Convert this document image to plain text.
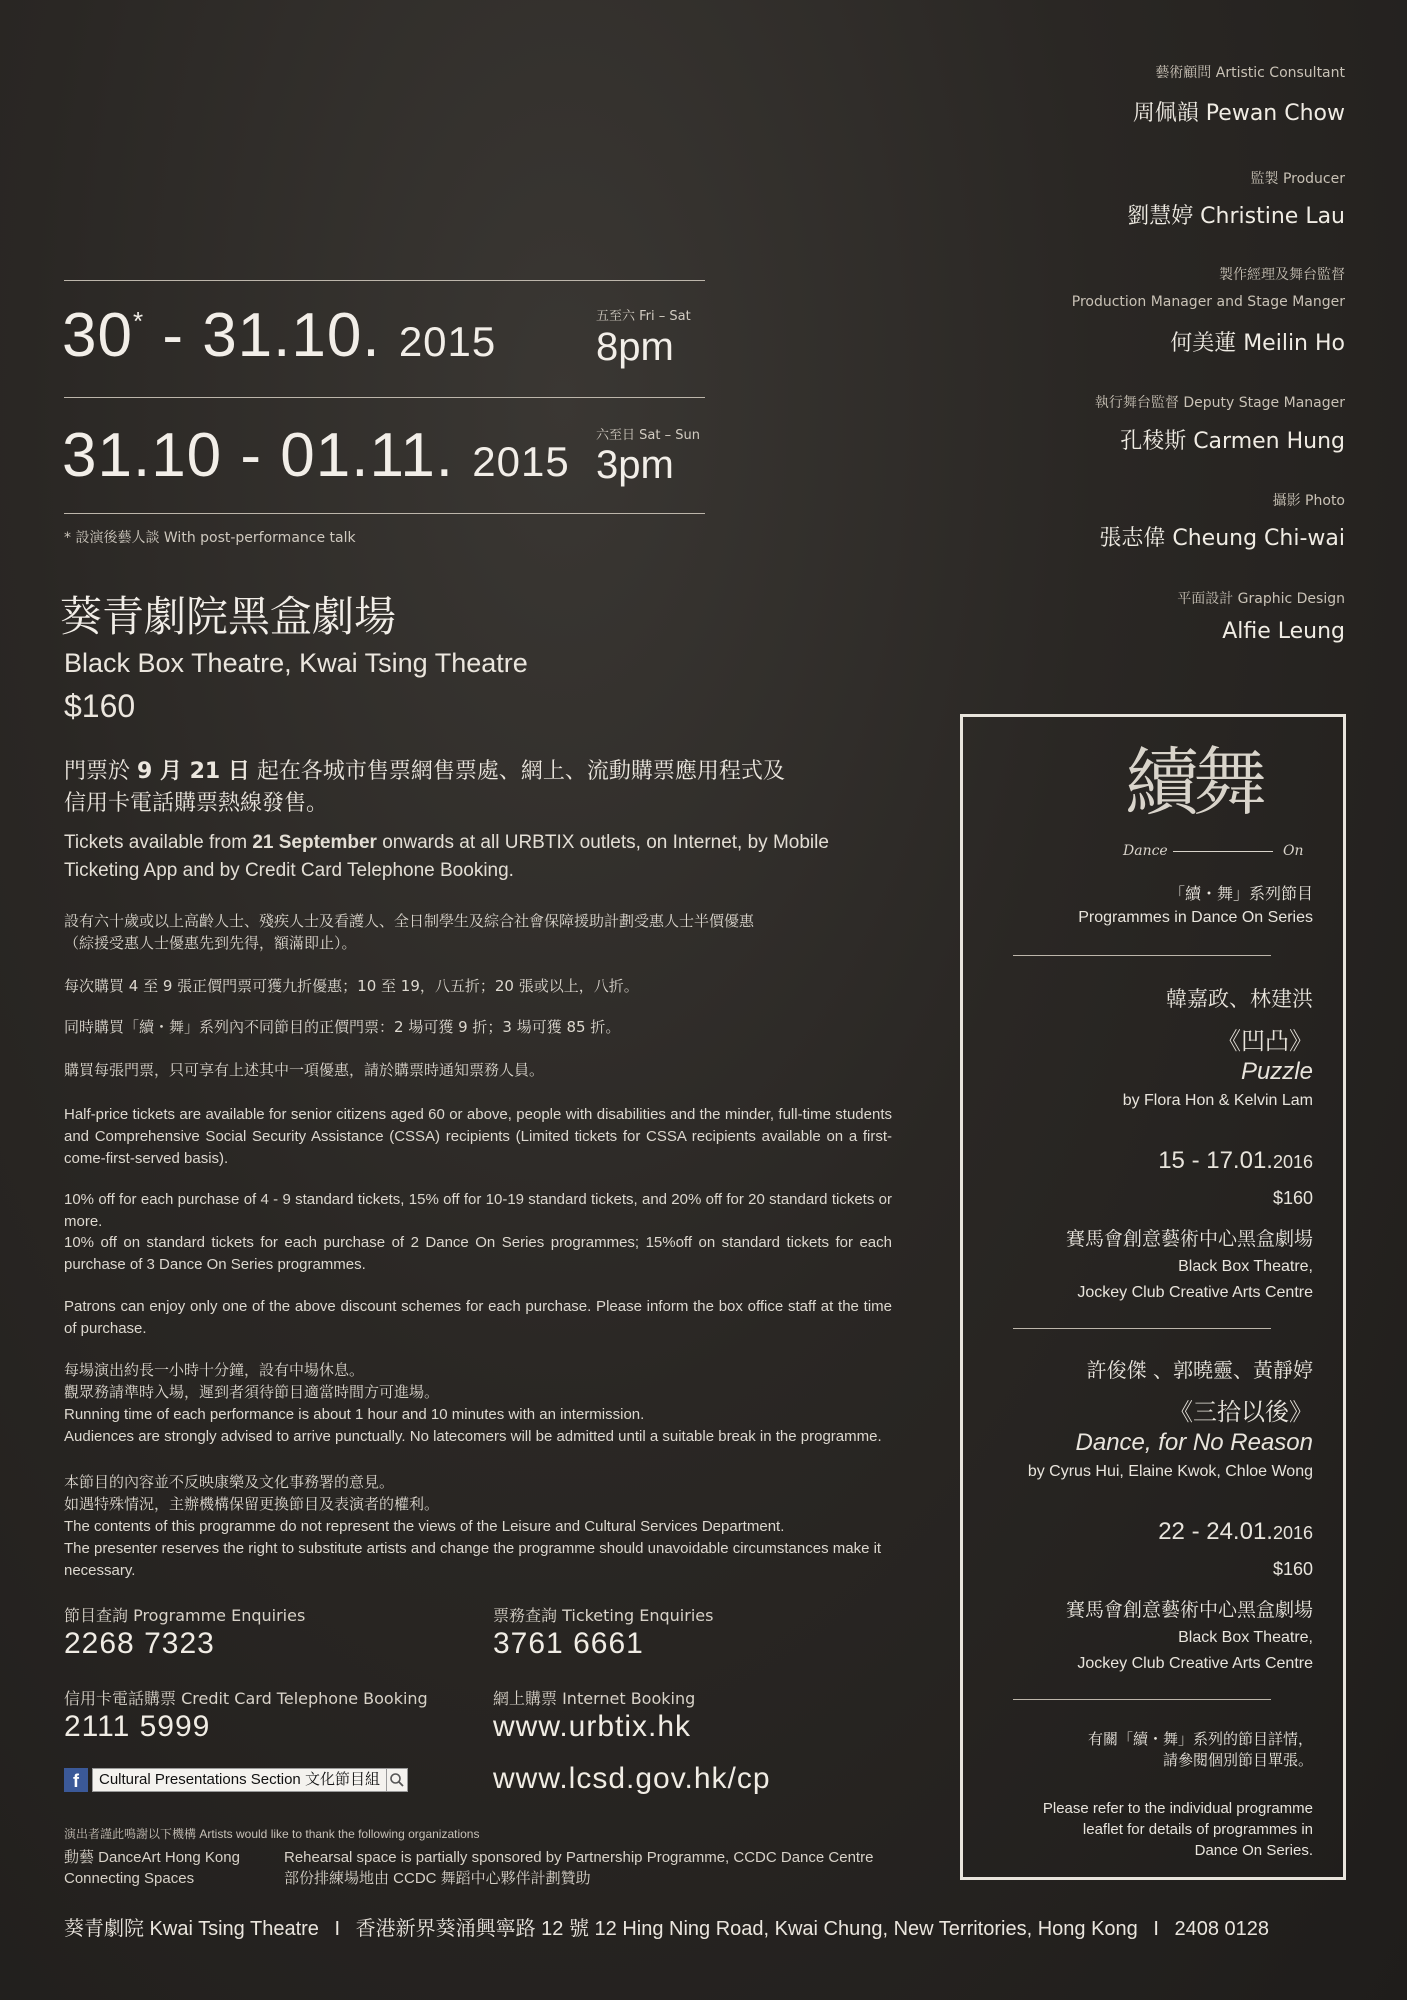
藝術顧問 Artistic Consultant
周佩韻 Pewan Chow
監製 Producer
劉慧婷 Christine Lau
製作經理及舞台監督
Production Manager and Stage Manger
何美蓮 Meilin Ho
執行舞台監督 Deputy Stage Manager
孔稜斯 Carmen Hung
攝影 Photo
張志偉 Cheung Chi-wai
平面設計 Graphic Design
Alfie Leung
30* - 31.10. 2015
五至六 Fri – Sat
8pm
31.10 - 01.11. 2015
六至日 Sat – Sun
3pm
* 設演後藝人談 With post-performance talk
葵青劇院黑盒劇場
Black Box Theatre, Kwai Tsing Theatre
$160
門票於 9 月 21 日 起在各城市售票網售票處、網上、流動購票應用程式及
信用卡電話購票熱線發售。
Tickets available from 21 September onwards at all URBTIX outlets, on Internet, by Mobile
Ticketing App and by Credit Card Telephone Booking.
設有六十歲或以上高齡人士、殘疾人士及看護人、全日制學生及綜合社會保障援助計劃受惠人士半價優惠
（綜援受惠人士優惠先到先得，額滿即止）。
每次購買 4 至 9 張正價門票可獲九折優惠；10 至 19，八五折；20 張或以上，八折。
同時購買「續・舞」系列內不同節目的正價門票：2 場可獲 9 折；3 場可獲 85 折。
購買每張門票，只可享有上述其中一項優惠，請於購票時通知票務人員。
Half-price tickets are available for senior citizens aged 60 or above, people with disabilities and the minder, full-time students and Comprehensive Social Security Assistance (CSSA) recipients (Limited tickets for CSSA recipients available on a first-come-first-served basis).
10% off for each purchase of 4 - 9 standard tickets, 15% off for 10-19 standard tickets, and 20% off for 20 standard tickets or more.
10% off on standard tickets for each purchase of 2 Dance On Series programmes; 15%off on standard tickets for each purchase of 3 Dance On Series programmes.
Patrons can enjoy only one of the above discount schemes for each purchase. Please inform the box office staff at the time of purchase.
每場演出約長一小時十分鐘，設有中場休息。
觀眾務請準時入場，遲到者須待節目適當時間方可進場。
Running time of each performance is about 1 hour and 10 minutes with an intermission.
Audiences are strongly advised to arrive punctually. No latecomers will be admitted until a suitable break in the programme.
本節目的內容並不反映康樂及文化事務署的意見。
如遇特殊情況，主辦機構保留更換節目及表演者的權利。
The contents of this programme do not represent the views of the Leisure and Cultural Services Department.
The presenter reserves the right to substitute artists and change the programme should unavoidable circumstances make it necessary.
節目查詢 Programme Enquiries
2268 7323
票務查詢 Ticketing Enquiries
3761 6661
信用卡電話購票 Credit Card Telephone Booking
2111 5999
網上購票 Internet Booking
www.urbtix.hk
f	Cultural Presentations Section 文化節目組	www.lcsd.gov.hk/cp
演出者謹此鳴謝以下機構 Artists would like to thank the following organizations
動藝 DanceArt Hong Kong
Connecting Spaces
Rehearsal space is partially sponsored by Partnership Programme, CCDC Dance Centre
部份排練場地由 CCDC 舞蹈中心夥伴計劃贊助
葵青劇院 Kwai Tsing Theatre I 香港新界葵涌興寧路 12 號 12 Hing Ning Road, Kwai Chung, New Territories, Hong Kong I 2408 0128
續舞
Dance	On
「續・舞」系列節目
Programmes in Dance On Series
韓嘉政、林建洪
《凹凸》
Puzzle
by Flora Hon & Kelvin Lam
15 - 17.01.2016
$160
賽馬會創意藝術中心黑盒劇場
Black Box Theatre,
Jockey Club Creative Arts Centre
許俊傑 、郭曉靈、黃靜婷
《三拾以後》
Dance, for No Reason
by Cyrus Hui, Elaine Kwok, Chloe Wong
22 - 24.01.2016
$160
賽馬會創意藝術中心黑盒劇場
Black Box Theatre,
Jockey Club Creative Arts Centre
有關「續・舞」系列的節目詳情，
請參閱個別節目單張。
Please refer to the individual programme
leaflet for details of programmes in
Dance On Series.
